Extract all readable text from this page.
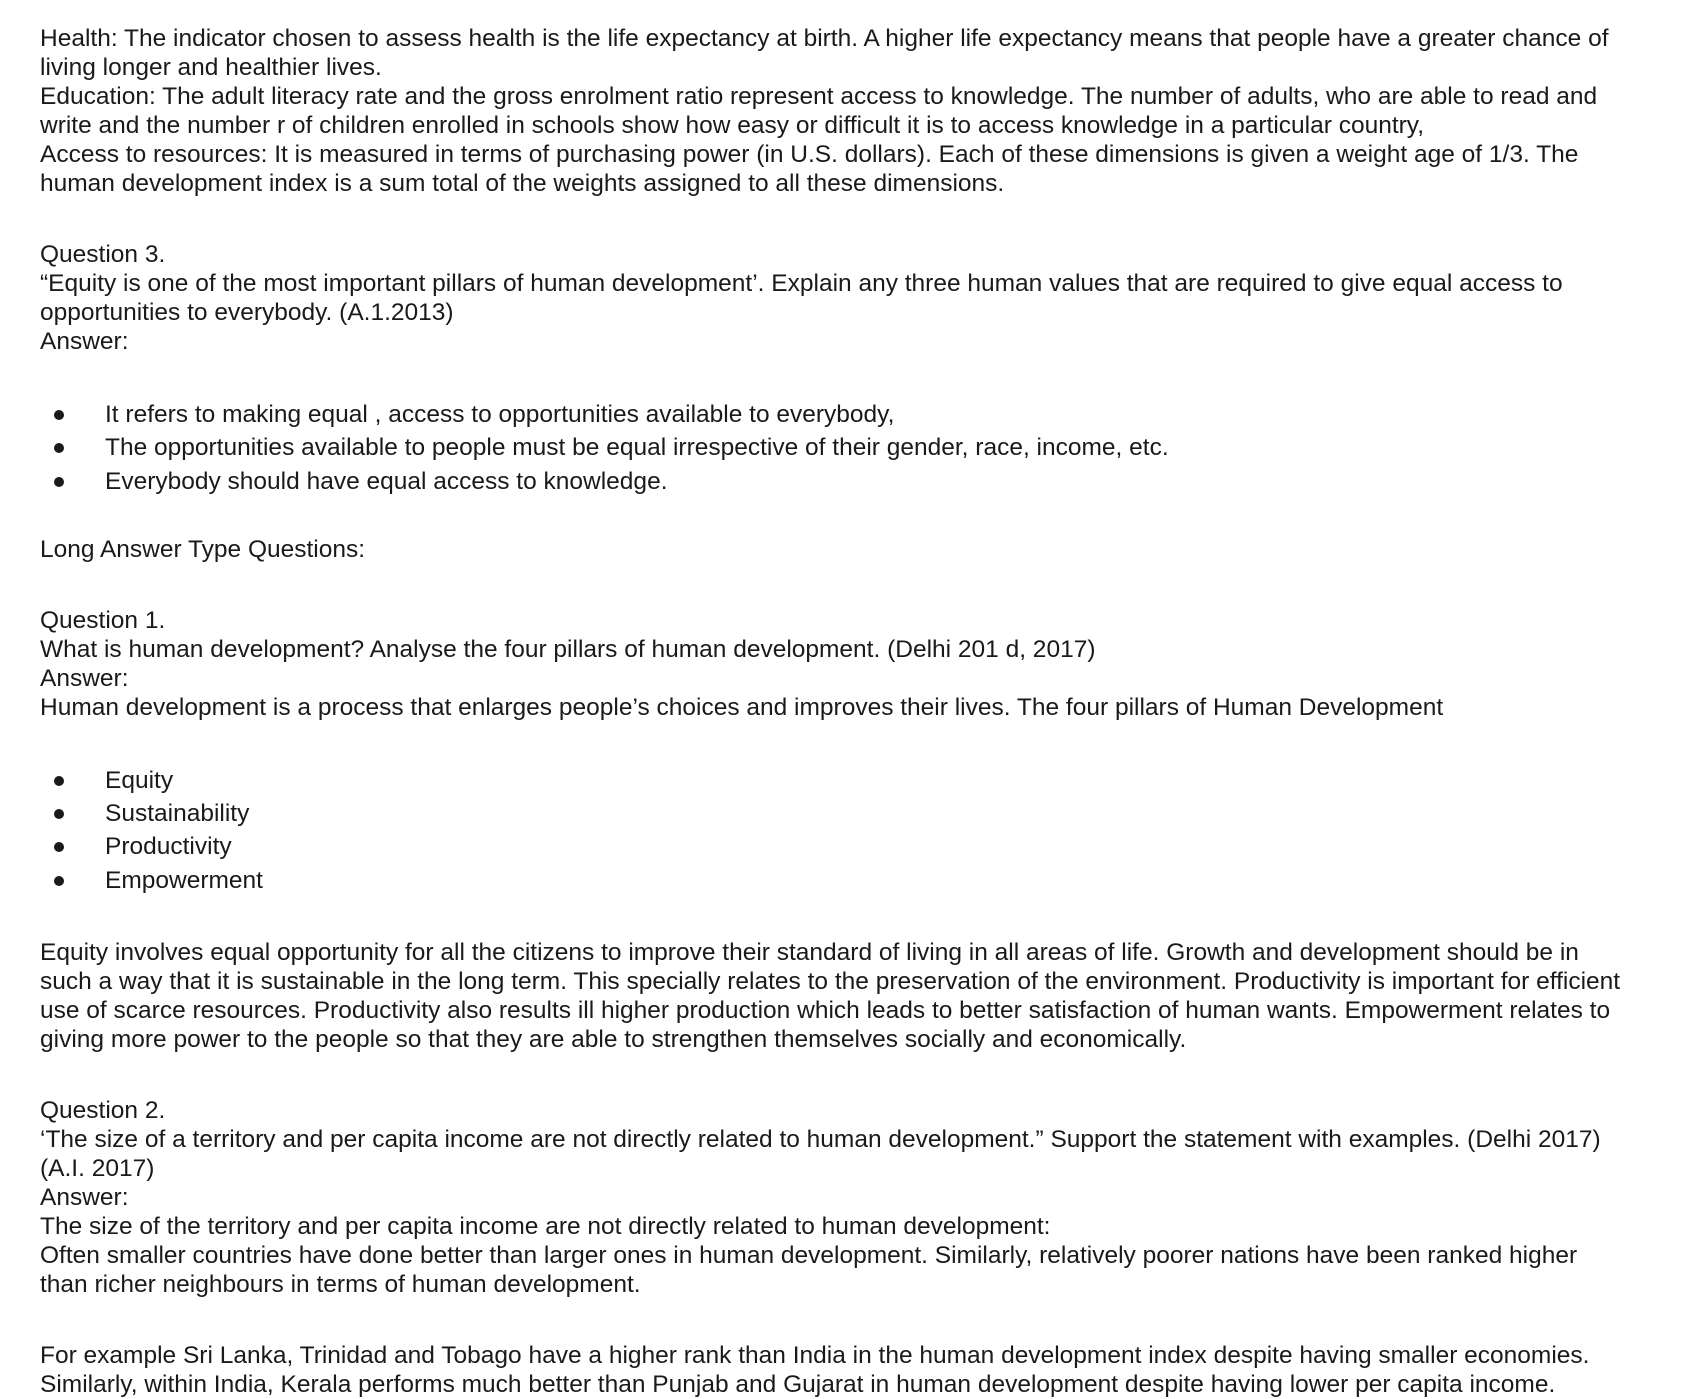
Health: The indicator chosen to assess health is the life expectancy at birth. A higher life expectancy means that people have a greater chance of
living longer and healthier lives.

Education: The adult literacy rate and the gross enrolment ratio represent access to knowledge. The number of adults, who are able to read and
write and the number r of children enrolled in schools show how easy or difficult it is to access knowledge in a particular country,

Access to resources: It is measured in terms of purchasing power (in U.S. dollars). Each of these dimensions is given a weight age of 1/3. The
human development index is a sum total of the weights assigned to all these dimensions.

Question 3.
“Equity is one of the most important pillars of human development’. Explain any three human values that are required to give equal access to
opportunities to everybody. (A.1.2013)
Answer:

It refers to making equal , access to opportunities available to everybody,
The opportunities available to people must be equal irrespective of their gender, race, income, etc.
Everybody should have equal access to knowledge.

Long Answer Type Questions:

Question 1.
What is human development? Analyse the four pillars of human development. (Delhi 201 d, 2017)
Answer:
Human development is a process that enlarges people’s choices and improves their lives. The four pillars of Human Development

Equity
Sustainability
Productivity
Empowerment

Equity involves equal opportunity for all the citizens to improve their standard of living in all areas of life. Growth and development should be in
such a way that it is sustainable in the long term. This specially relates to the preservation of the environment. Productivity is important for efficient
use of scarce resources. Productivity also results ill higher production which leads to better satisfaction of human wants. Empowerment relates to
giving more power to the people so that they are able to strengthen themselves socially and economically.

Question 2.
‘The size of a territory and per capita income are not directly related to human development.” Support the statement with examples. (Delhi 2017)
(A.I. 2017)
Answer:
The size of the territory and per capita income are not directly related to human development:
Often smaller countries have done better than larger ones in human development. Similarly, relatively poorer nations have been ranked higher
than richer neighbours in terms of human development.

For example Sri Lanka, Trinidad and Tobago have a higher rank than India in the human development index despite having smaller economies.
Similarly, within India, Kerala performs much better than Punjab and Gujarat in human development despite having lower per capita income.
